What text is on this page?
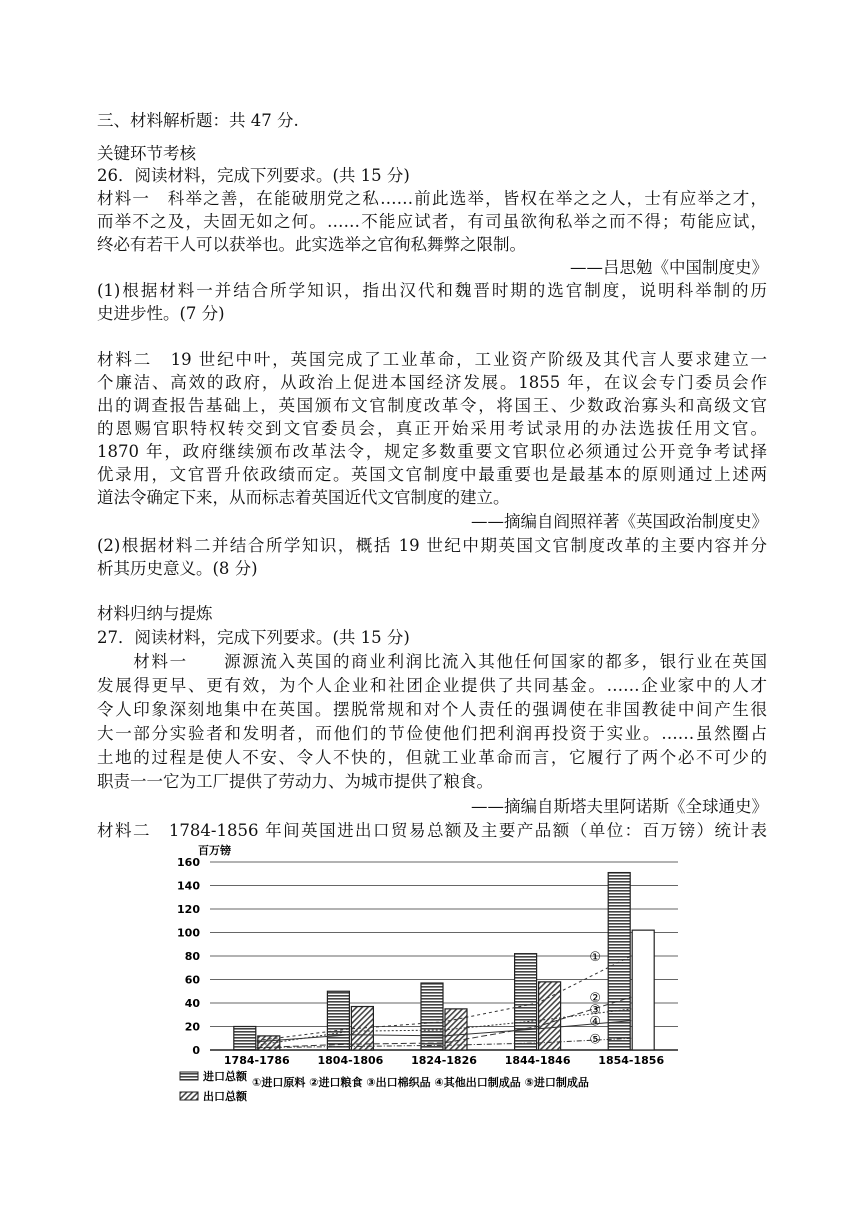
三、材料解析题：共 47 分.
关键环节考核
26．阅读材料，完成下列要求。(共 15 分)
材料一　科举之善，在能破朋党之私……前此选举，皆权在举之之人，士有应举之才，
而举不之及，夫固无如之何。……不能应试者，有司虽欲徇私举之而不得；苟能应试，
终必有若干人可以获举也。此实选举之官徇私舞弊之限制。
——吕思勉《中国制度史》
(1)根据材料一并结合所学知识，指出汉代和魏晋时期的选官制度，说明科举制的历
史进步性。(7 分)
材料二　19 世纪中叶，英国完成了工业革命，工业资产阶级及其代言人要求建立一
个廉洁、高效的政府，从政治上促进本国经济发展。1855 年，在议会专门委员会作
出的调查报告基础上，英国颁布文官制度改革令，将国王、少数政治寡头和高级文官
的恩赐官职特权转交到文官委员会，真正开始采用考试录用的办法选拔任用文官。
1870 年，政府继续颁布改革法令，规定多数重要文官职位必须通过公开竞争考试择
优录用，文官晋升依政绩而定。英国文官制度中最重要也是最基本的原则通过上述两
道法令确定下来，从而标志着英国近代文官制度的建立。
——摘编自阎照祥著《英国政治制度史》
(2)根据材料二并结合所学知识，概括 19 世纪中期英国文官制度改革的主要内容并分
析其历史意义。(8 分)
材料归纳与提炼
27．阅读材料，完成下列要求。(共 15 分)
　　材料一　　源源流入英国的商业利润比流入其他任何国家的都多，银行业在英国
发展得更早、更有效，为个人企业和社团企业提供了共同基金。……企业家中的人才
令人印象深刻地集中在英国。摆脱常规和对个人责任的强调使在非国教徒中间产生很
大一部分实验者和发明者，而他们的节俭使他们把利润再投资于实业。……虽然圈占
土地的过程是使人不安、令人不快的，但就工业革命而言，它履行了两个必不可少的
职责一一它为工厂提供了劳动力、为城市提供了粮食。
——摘编自斯塔夫里阿诺斯《全球通史》
材料二　1784-1856 年间英国进出口贸易总额及主要产品额（单位：百万镑）统计表
百万镑
0
20
40
60
80
100
120
140
160
1784-1786	1804-1806	1824-1826	1844-1846	1854-1856
①
②
③
④
⑤
进口总额
出口总额
①进口原料 ②进口粮食 ③出口棉织品 ④其他出口制成品 ⑤进口制成品
